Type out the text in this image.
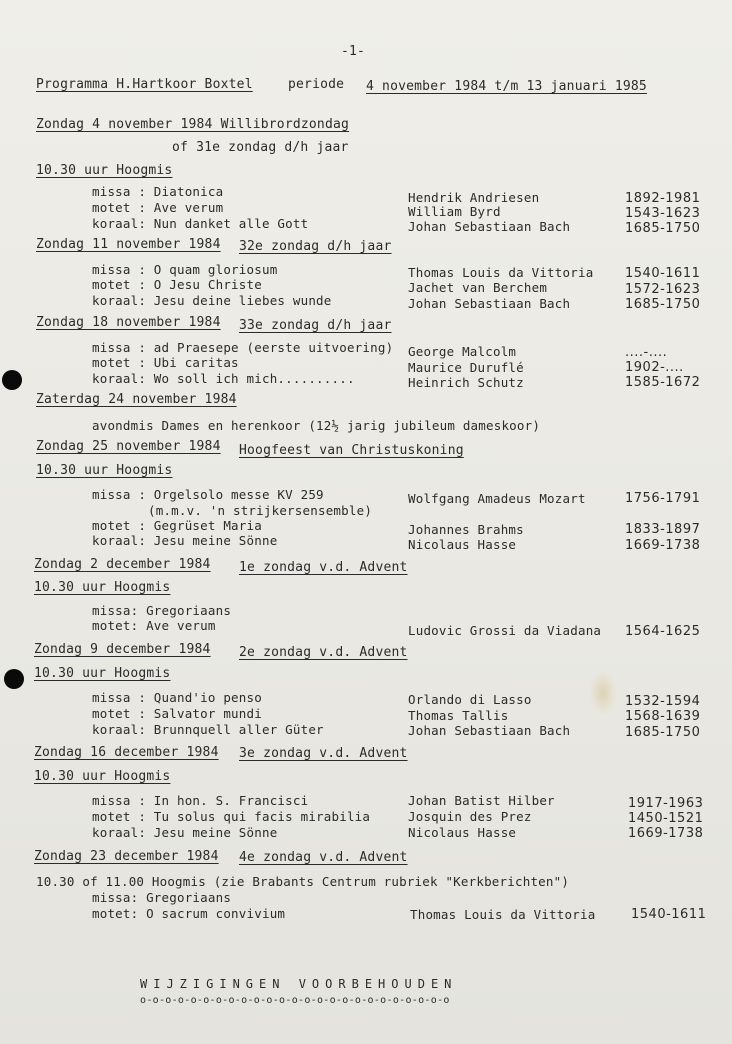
-1-
Programma H.Hartkoor Boxtel	periode 4 november 1984 t/m 13 januari 1985
Zondag 4 november 1984 Willibrordzondag
of 31e zondag d/h jaar
10.30 uur Hoogmis
missa : Diatonica	Hendrik Andriesen	1892-1981
motet : Ave verum	William Byrd	1543-1623
koraal: Nun danket alle Gott	Johan Sebastiaan Bach	1685-1750
Zondag 11 november 1984 32e zondag d/h jaar
missa : O quam gloriosum	Thomas Louis da Vittoria 1540-1611
motet : O Jesu Christe	Jachet van Berchem	1572-1623
koraal: Jesu deine liebes wunde	Johan Sebastiaan Bach	1685-1750
Zondag 18 november 1984 33e zondag d/h jaar
missa : ad Praesepe (eerste uitvoering) George Malcolm	....-....
motet : Ubi caritas	Maurice Duruflé	1902-....
koraal: Wo soll ich mich..........	Heinrich Schutz	1585-1672
Zaterdag 24 november 1984
avondmis Dames en herenkoor (12½ jarig jubileum dameskoor)
Zondag 25 november 1984 Hoogfeest van Christuskoning
10.30 uur Hoogmis
missa : Orgelsolo messe KV 259	Wolfgang Amadeus Mozart	1756-1791
(m.m.v. 'n strijkersensemble)
motet : Gegrüset Maria	Johannes Brahms	1833-1897
koraal: Jesu meine Sönne	Nicolaus Hasse	1669-1738
Zondag 2 december 1984 1e zondag v.d. Advent
10.30 uur Hoogmis
missa: Gregoriaans
motet: Ave verum	Ludovic Grossi da Viadana 1564-1625
Zondag 9 december 1984 2e zondag v.d. Advent
10.30 uur Hoogmis
missa : Quand'io penso	Orlando di Lasso	1532-1594
motet : Salvator mundi	Thomas Tallis	1568-1639
koraal: Brunnquell aller Güter	Johan Sebastiaan Bach	1685-1750
Zondag 16 december 1984 3e zondag v.d. Advent
10.30 uur Hoogmis
missa : In hon. S. Francisci	Johan Batist Hilber	1917-1963
motet : Tu solus qui facis mirabilia	Josquin des Prez	1450-1521
koraal: Jesu meine Sönne	Nicolaus Hasse	1669-1738
Zondag 23 december 1984 4e zondag v.d. Advent
10.30 of 11.00 Hoogmis (zie Brabants Centrum rubriek "Kerkberichten")
missa: Gregoriaans
motet: O sacrum convivium	Thomas Louis da Vittoria	1540-1611
WIJZIGINGEN VOORBEHOUDEN
o-o-o-o-o-o-o-o-o-o-o-o-o-o-o-o-o-o-o-o-o-o-o-o-o
